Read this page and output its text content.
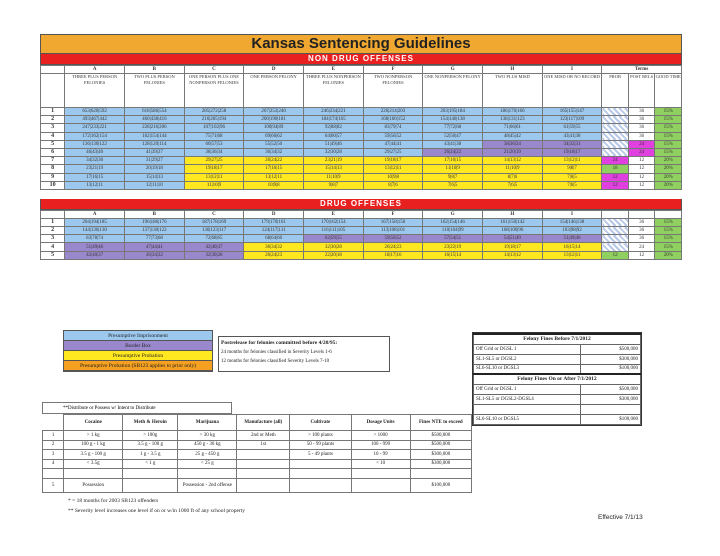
Kansas Sentencing Guidelines
NON DRUG OFFENSES
	A	B	C	D	E	F	G	H	I	Terms		
	THREE PLUS PERSON FELONIES	TWO PLUS PERSON FELONIES	ONE PERSON PLUS ONE NONPERSON FELONIES	ONE PERSON FELONY	THREE PLUS NONPERSON FELONIES	TWO NONPERSON FELONIES	ONE NONPERSON FELONY	TWO PLUS MISD	ONE MISD OR NO RECORD	PROB	POST RELS	GOOD TIME
1	653|620|592	618|586|554	285|272|258	267|253|240	246|234|221	226|214|203	203|195|184	186|176|166	165|155|147		36	15%
2	493|467|442	460|438|416	216|205|194	200|190|181	184|174|165	168|160|152	154|146|138	138|131|123	123|117|109		36	15%
3	247|233|221	228|216|206	107|102|96	100|94|89	92|88|82	83|79|74	77|72|68	71|66|61	61|59|55		36	15%
4	172|162|154	162|154|144	75|71|68	69|66|62	64|60|57	59|56|52	52|50|47	48|45|42	43|41|38		36	15%
5	136|130|122	128|120|114	60|57|53	55|52|50	51|49|46	47|44|41	43|41|38	38|36|34	34|32|31		24	15%
6	46|43|40	41|39|37	38|36|34	36|34|32	32|30|28	29|27|25	26|24|22	21|20|19	19|18|17		24	15%
7	34|32|30	31|29|27	29|27|25	26|24|22	23|21|19	19|18|17	17|16|15	14|13|12	13|12|11	24	12	20%
8	23|21|19	20|19|18	19|18|17	17|16|15	15|14|13	13|12|11	11|10|9	11|10|9	9|8|7	18	12	20%
9	17|16|15	15|14|13	13|12|11	13|12|11	11|10|9	10|9|8	9|8|7	8|7|6	7|6|5	12	12	20%
10	13|12|11	12|11|10	11|10|9	10|9|8	9|8|7	8|7|6	7|6|5	7|6|5	7|6|5	12	12	20%
DRUG OFFENSES
	A	B	C	D	E	F	G	H	I			
1	204|194|185	196|186|176	187|178|169	179|170|161	170|162|154	167|158|150	162|154|146	161|150|142	154|146|138		36	15%
2	144|136|130	137|130|122	130|123|117	124|117|111	116|111|105	113|108|101	110|104|99	108|100|96	103|98|92		36	15%
3	83|78|74	77|73|68	72|68|65	68|64|60	62|59|55	59|56|52	57|54|51	54|51|49	51|49|46		36	15%
4	51|49|46	47|44|41	42|40|37	36|34|32	32|30|28	26|24|23	23|22|19	19|18|17	16|15|14		24	15%
5	42|40|37	36|34|32	32|30|28	26|24|23	22|20|18	18|17|16	16|15|14	14|13|12	13|12|11	12	12	20%
Presumptive Imprisonment
Border Box
Presumptive Probation
Presumptive Probation (SB123 applies to prior only)
Postrelease for felonies committed before 4/20/95:
24 months for felonies classified in Severity Levels 1-6
12 months for felonies classified Severity Levels 7-10
Felony Fines Before 7/1/2012	
Off Grid or DGSL 1	$500,000
SL1-SL5 or DGSL2	$300,000
SL6-SL10 or DGSL3	$100,000
Felony Fines On or After 7/1/2012	
Off Grid or DGSL 1	$500,000
SL1-SL5 or DGSL2-DGSL4	$300,000

SL6-SL10 or DGSL5	$100,000
**Distribute or Possess w/ Intent to Distribute
	Cocaine	Meth & Heroin	Marijuana	Manufacture (all)	Cultivate	Dosage Units	Fines NTE to exceed
1	> 1 kg	> 100g	> 30 kg	2nd or Meth	> 100 plants	> 1000	$500,000
2	100 g - 1 kg	3.5 g - 100 g	450 g - 30 kg	1st	50 - 99 plants	100 - 999	$500,000
3	3.5 g - 100 g	1 g - 3.5 g	25 g - 450 g		5 - 49 plants	10 - 99	$300,000
4	< 3.5g	< 1 g	< 25 g			< 10	$300,000

5	Possession		Possession - 2nd offense				$100,000
* = 18 months for 2003 SB123 offenders
** Severity level increases one level if on or w/in 1000 ft of any school property
Effective 7/1/13
